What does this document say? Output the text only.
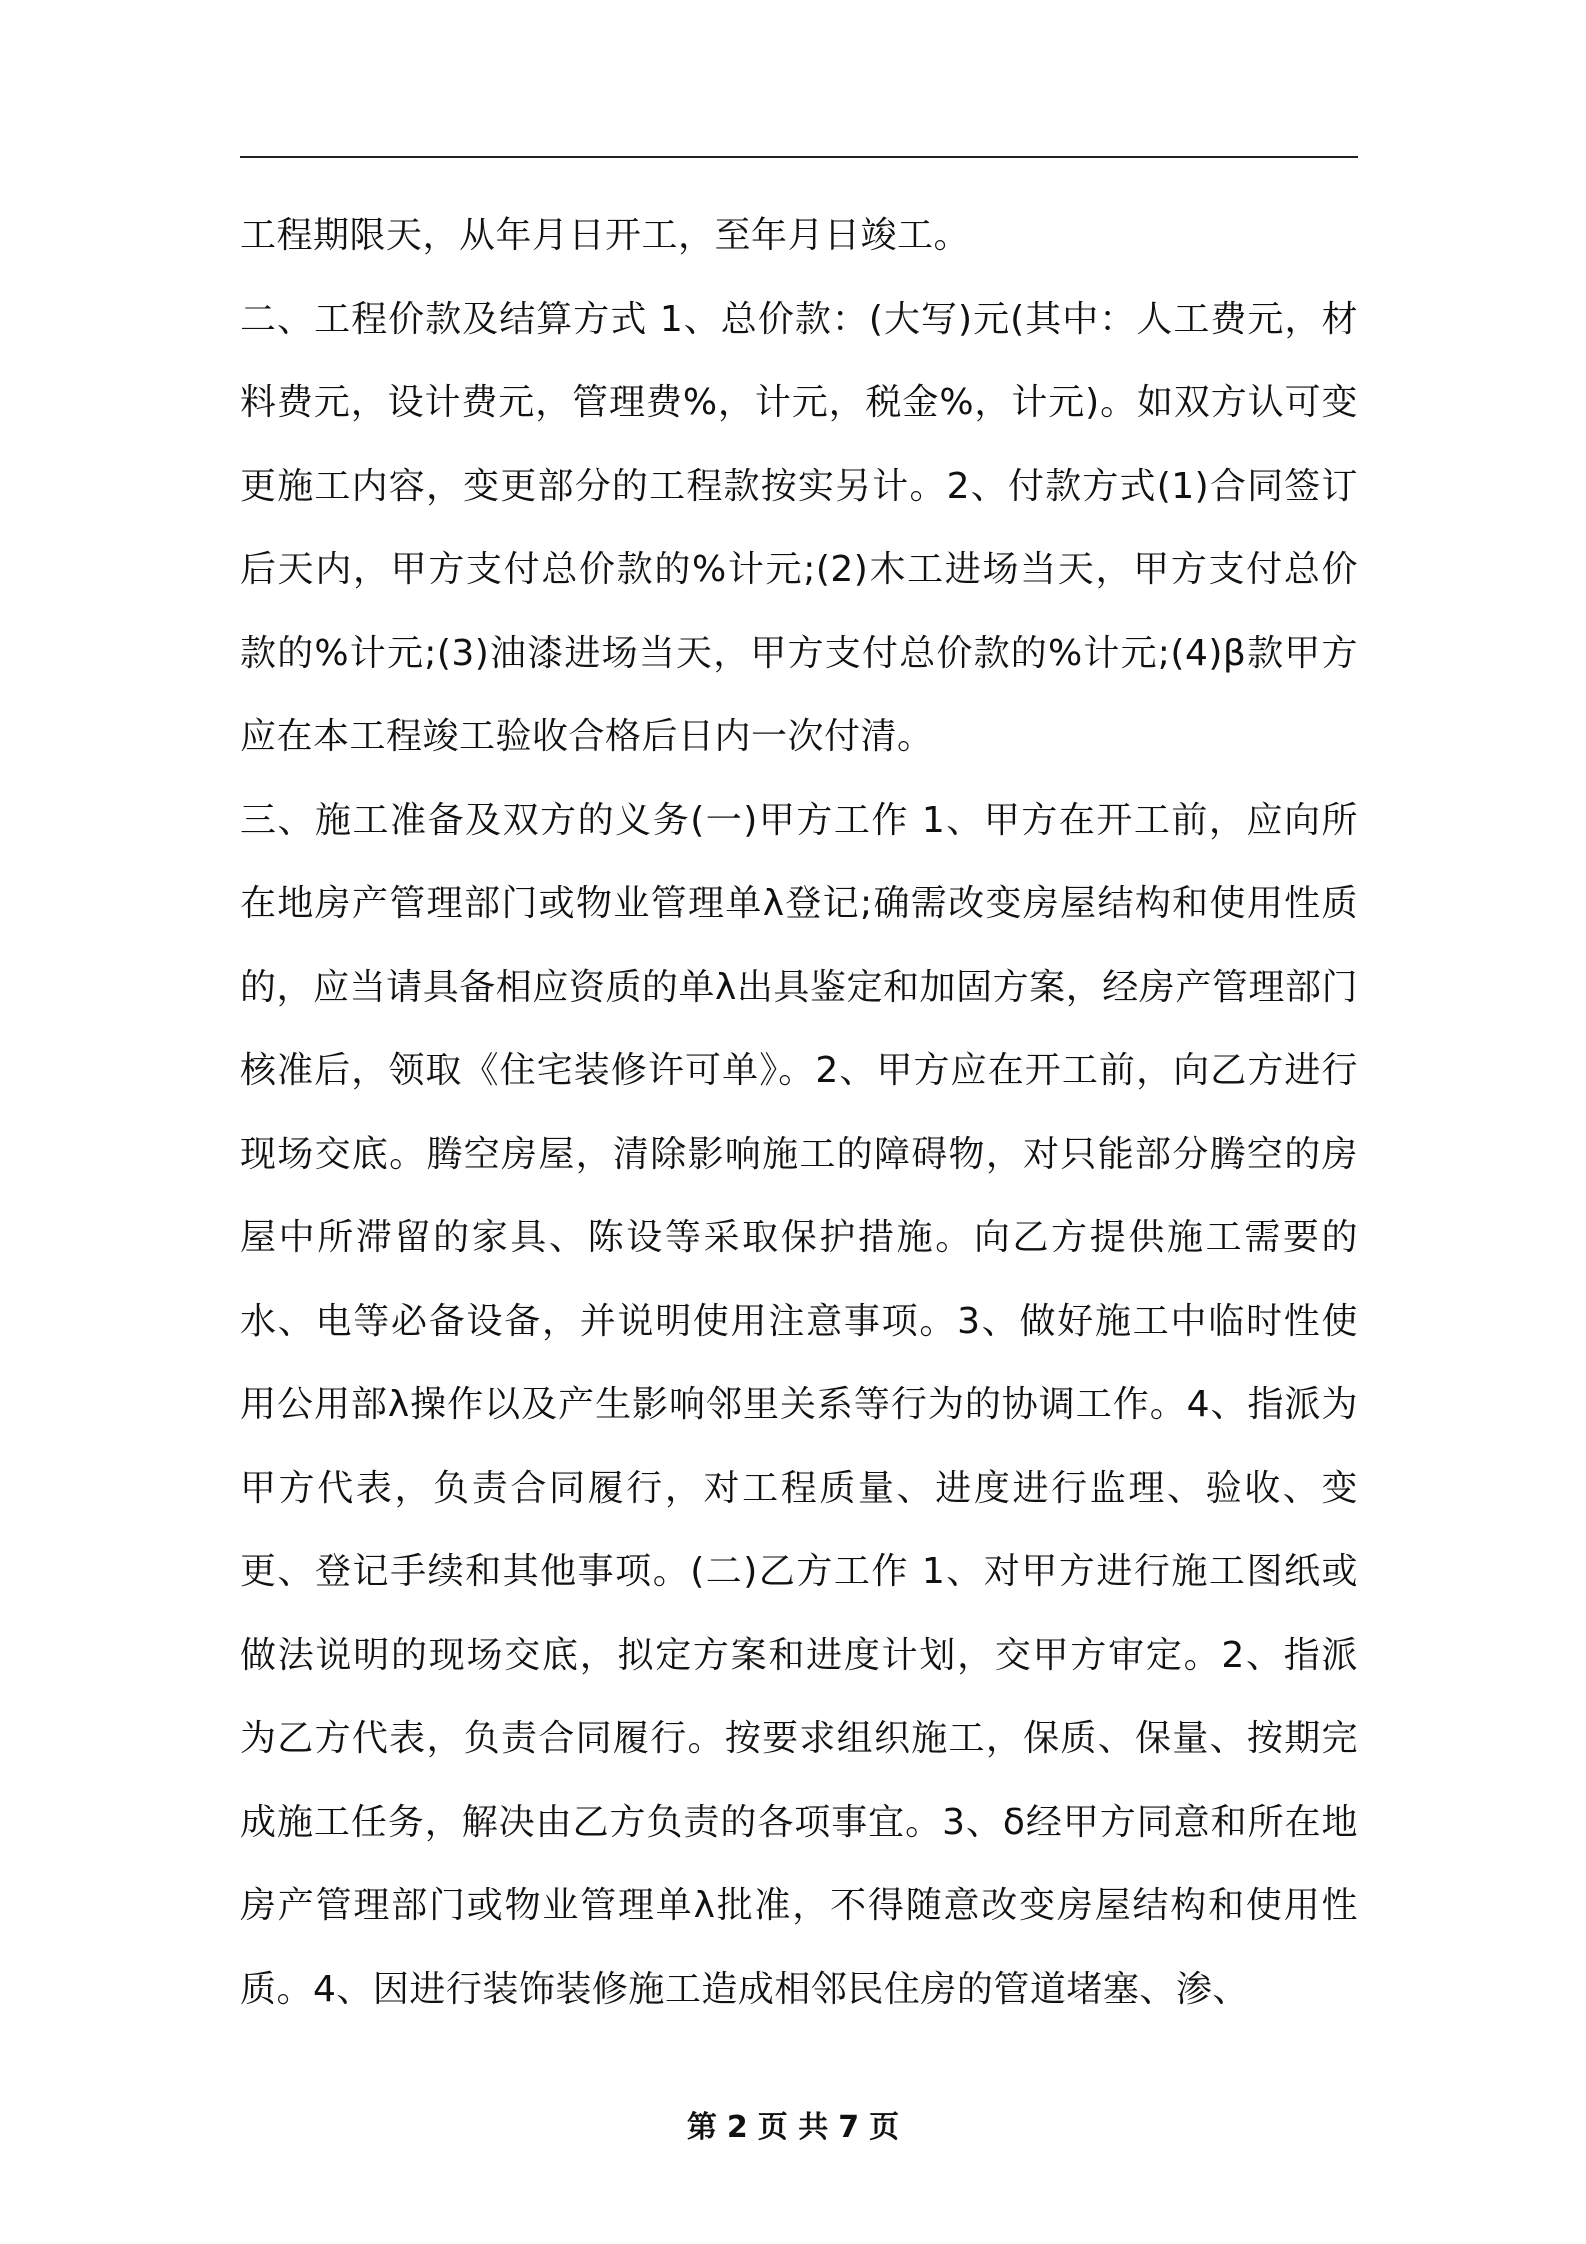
工程期限天，从年月日开工，至年月日竣工。

二、工程价款及结算方式 1、总价款：(大写)元(其中：人工费元，材料费元，设计费元，管理费%，计元，税金%，计元)。如双方认可变更施工内容，变更部分的工程款按实另计。2、付款方式(1)合同签订后天内，甲方支付总价款的%计元;(2)木工进场当天，甲方支付总价款的%计元;(3)油漆进场当天，甲方支付总价款的%计元;(4)β款甲方应在本工程竣工验收合格后日内一次付清。

三、施工准备及双方的义务(一)甲方工作 1、甲方在开工前，应向所在地房产管理部门或物业管理单λ登记;确需改变房屋结构和使用性质的，应当请具备相应资质的单λ出具鉴定和加固方案，经房产管理部门核准后，领取《住宅装修许可单》。2、甲方应在开工前，向乙方进行现场交底。腾空房屋，清除影响施工的障碍物，对只能部分腾空的房屋中所滞留的家具、陈设等采取保护措施。向乙方提供施工需要的水、电等必备设备，并说明使用注意事项。3、做好施工中临时性使用公用部λ操作以及产生影响邻里关系等行为的协调工作。4、指派为甲方代表，负责合同履行，对工程质量、进度进行监理、验收、变更、登记手续和其他事项。(二)乙方工作 1、对甲方进行施工图纸或做法说明的现场交底，拟定方案和进度计划，交甲方审定。2、指派为乙方代表，负责合同履行。按要求组织施工，保质、保量、按期完成施工任务，解决由乙方负责的各项事宜。3、δ经甲方同意和所在地房产管理部门或物业管理单λ批准，不得随意改变房屋结构和使用性质。4、因进行装饰装修施工造成相邻民住房的管道堵塞、渗、

第 2 页 共 7 页
